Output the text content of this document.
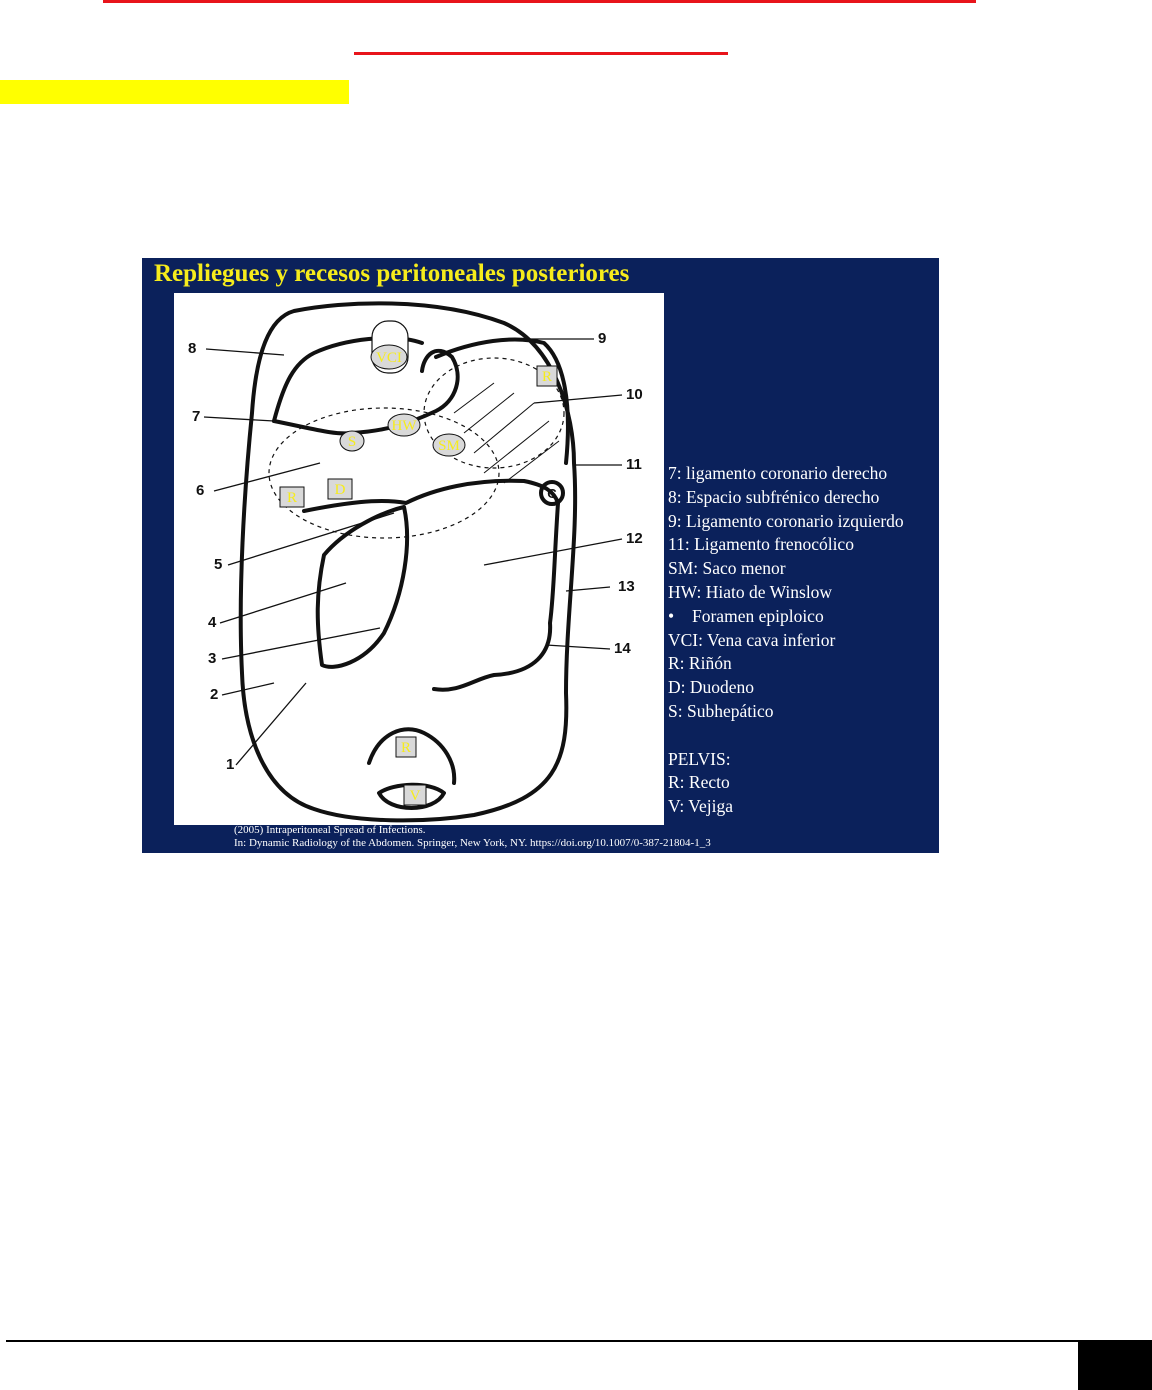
Repliegues y recesos peritoneales posteriores
VCI
S
HW
SM
R	D
R
C
R
V
1
2
3
4
5
6
7
8
9
10
11
12
13
14
7: ligamento coronario derecho
8: Espacio subfrénico derecho
9: Ligamento coronario izquierdo
11: Ligamento frenocólico
SM: Saco menor
HW: Hiato de Winslow
• Foramen epiploico
VCI: Vena cava inferior
R: Riñón
D: Duodeno
S: Subhepático
PELVIS:
R: Recto
V: Vejiga
(2005) Intraperitoneal Spread of Infections.
In: Dynamic Radiology of the Abdomen. Springer, New York, NY. https://doi.org/10.1007/0-387-21804-1_3
